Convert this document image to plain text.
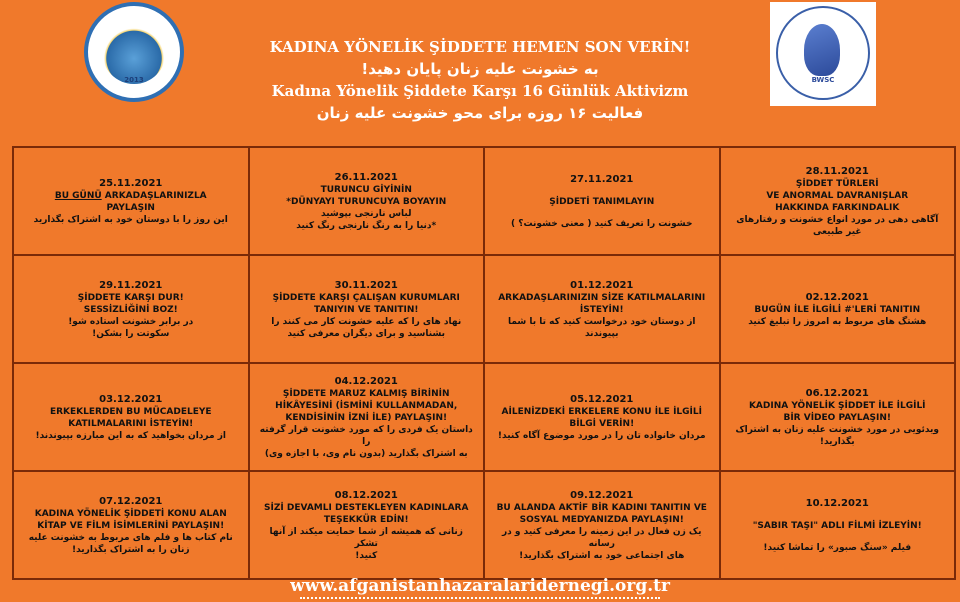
2013	BWSC
KADINA YÖNELİK ŞİDDETE HEMEN SON VERİN!
به خشونت علیه زنان پایان دهید!
Kadına Yönelik Şiddete Karşı 16 Günlük Aktivizm
فعالیت ۱۶ روزه برای محو خشونت علیه زنان
25.11.2021
BU GÜNÜ ARKADAŞLARINIZLA
PAYLAŞIN
این روز را با دوستان خود به اشتراک بگذارید
26.11.2021
TURUNCU GİYİNİN
*DÜNYAYI TURUNCUYA BOYAYIN
لباس نارنجی بپوشید
*دنیا را به رنگ نارنجی رنگ کنید
27.11.2021
ŞİDDETİ TANIMLAYIN
خشونت را تعریف کنید ( معنی خشونت؟ )
28.11.2021
ŞİDDET TÜRLERİ
VE ANORMAL DAVRANIŞLAR
HAKKINDA FARKINDALIK
آگاهی دهی در مورد انواع خشونت و رفتارهای
غیر طبیعی
29.11.2021
ŞİDDETE KARŞI DUR!
SESSİZLİĞİNİ BOZ!
در برابر خشونت استاده شو!
سکوتت را بشکن!
30.11.2021
ŞİDDETE KARŞI ÇALIŞAN KURUMLARI
TANIYIN VE TANITIN!
نهاد های را که علیه خشونت کار می کنند را
بشناسید و برای دیگران معرفی کنید
01.12.2021
ARKADAŞLARINIZIN SİZE KATILMALARINI
İSTEYİN!
از دوستان خود درخواست کنید که تا با شما بپیوندند
02.12.2021
BUGÜN İLE İLGİLİ #'LERİ TANITIN
هشتگ های مربوط به امروز را تبلیغ کنید
03.12.2021
ERKEKLERDEN BU MÜCADELEYE
KATILMALARINI İSTEYİN!
از مردان بخواهید که به این مبارزه بپیوندند!
04.12.2021
ŞİDDETE MARUZ KALMIŞ BİRİNİN
HİKÂYESİNİ (İSMİNİ KULLANMADAN,
KENDİSİNİN İZNİ İLE) PAYLAŞIN!
داستان یک فردی را که مورد خشونت قرار گرفته را
به اشتراک بگذارید (بدون نام وی، با اجازه وی)
05.12.2021
AİLENİZDEKİ ERKELERE KONU İLE İLGİLİ
BİLGİ VERİN!
مردان خانواده تان را در مورد موضوع آگاه کنید!
06.12.2021
KADINA YÖNELİK ŞİDDET İLE İLGİLİ
BİR VİDEO PAYLAŞIN!
ویدئویی در مورد خشونت علیه زنان به اشتراک
بگذارید!
07.12.2021
KADINA YÖNELİK ŞİDDETİ KONU ALAN
KİTAP VE FİLM İSİMLERİNİ PAYLAŞIN!
نام کتاب ها و فلم های مربوط به خشونت علیه
زنان را به اشتراک بگذارید!
08.12.2021
SİZİ DEVAMLI DESTEKLEYEN KADINLARA
TEŞEKKÜR EDİN!
زنانی که همیشه از شما حمایت میکند از آنها تشکر
کنید!
09.12.2021
BU ALANDA AKTİF BİR KADINI TANITIN VE
SOSYAL MEDYANIZDA PAYLAŞIN!
یک زن فعال در این زمینه را معرفی کنید و در رسانه
های اجتماعی خود به اشتراک بگذارید!
10.12.2021
"SABIR TAŞI" ADLI FİLMİ İZLEYİN!
فیلم «سنگ صبور» را تماشا کنید!
www.afganistanhazaralaridernegi.org.tr
